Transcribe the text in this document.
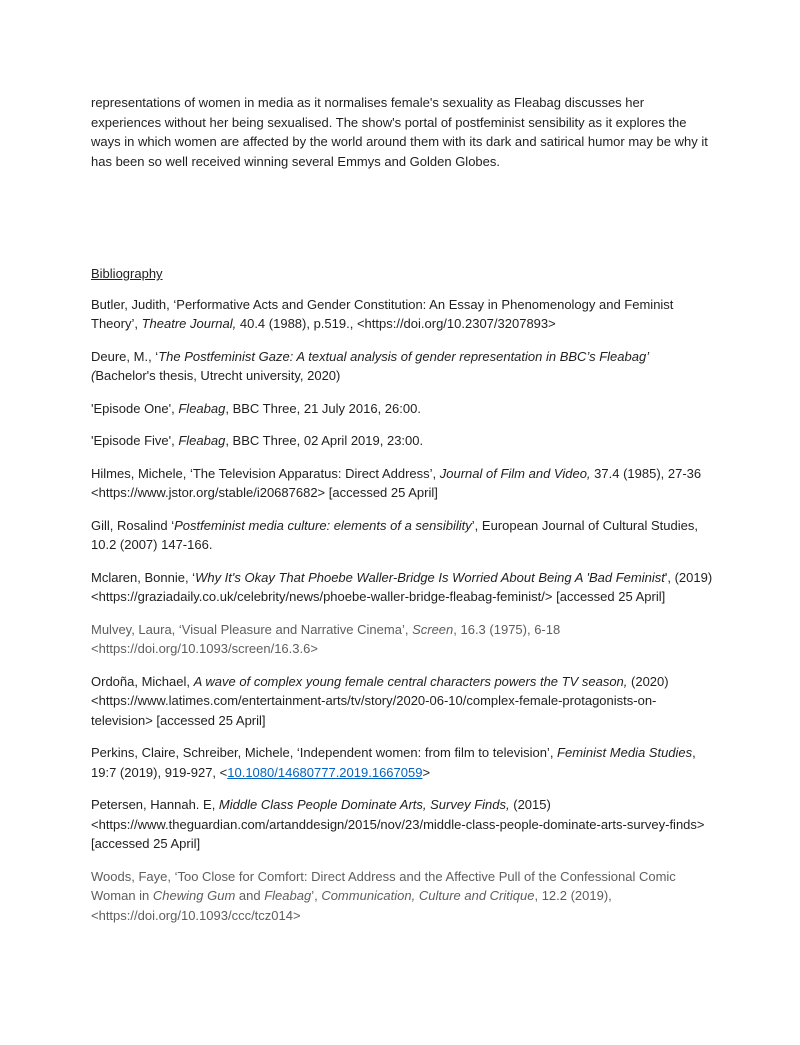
representations of women in media as it normalises female's sexuality as Fleabag discusses her experiences without her being sexualised. The show's portal of postfeminist sensibility as it explores the ways in which women are affected by the world around them with its dark and satirical humor may be why it has been so well received winning several Emmys and Golden Globes.

Bibliography

Butler, Judith, ‘Performative Acts and Gender Constitution: An Essay in Phenomenology and Feminist Theory’, Theatre Journal, 40.4 (1988), p.519., <https://doi.org/10.2307/3207893>

Deure, M., ‘The Postfeminist Gaze: A textual analysis of gender representation in BBC’s Fleabag’ (Bachelor's thesis, Utrecht university, 2020)

'Episode One', Fleabag, BBC Three, 21 July 2016, 26:00.

'Episode Five', Fleabag, BBC Three, 02 April 2019, 23:00.

Hilmes, Michele, ‘The Television Apparatus: Direct Address’, Journal of Film and Video, 37.4 (1985), 27-36 <https://www.jstor.org/stable/i20687682> [accessed 25 April]

Gill, Rosalind ‘Postfeminist media culture: elements of a sensibility’, European Journal of Cultural Studies, 10.2 (2007) 147-166.

Mclaren, Bonnie, ‘Why It's Okay That Phoebe Waller-Bridge Is Worried About Being A 'Bad Feminist', (2019) <https://graziadaily.co.uk/celebrity/news/phoebe-waller-bridge-fleabag-feminist/> [accessed 25 April]

Mulvey, Laura, ‘Visual Pleasure and Narrative Cinema’, Screen, 16.3 (1975), 6-18 <https://doi.org/10.1093/screen/16.3.6>

Ordoña, Michael, A wave of complex young female central characters powers the TV season, (2020) <https://www.latimes.com/entertainment-arts/tv/story/2020-06-10/complex-female-protagonists-on-television> [accessed 25 April]

Perkins, Claire, Schreiber, Michele, ‘Independent women: from film to television’, Feminist Media Studies, 19:7 (2019), 919-927, <10.1080/14680777.2019.1667059>

Petersen, Hannah. E, Middle Class People Dominate Arts, Survey Finds, (2015) <https://www.theguardian.com/artanddesign/2015/nov/23/middle-class-people-dominate-arts-survey-finds> [accessed 25 April]

Woods, Faye, ‘Too Close for Comfort: Direct Address and the Affective Pull of the Confessional Comic Woman in Chewing Gum and Fleabag’, Communication, Culture and Critique, 12.2 (2019), <https://doi.org/10.1093/ccc/tcz014>
